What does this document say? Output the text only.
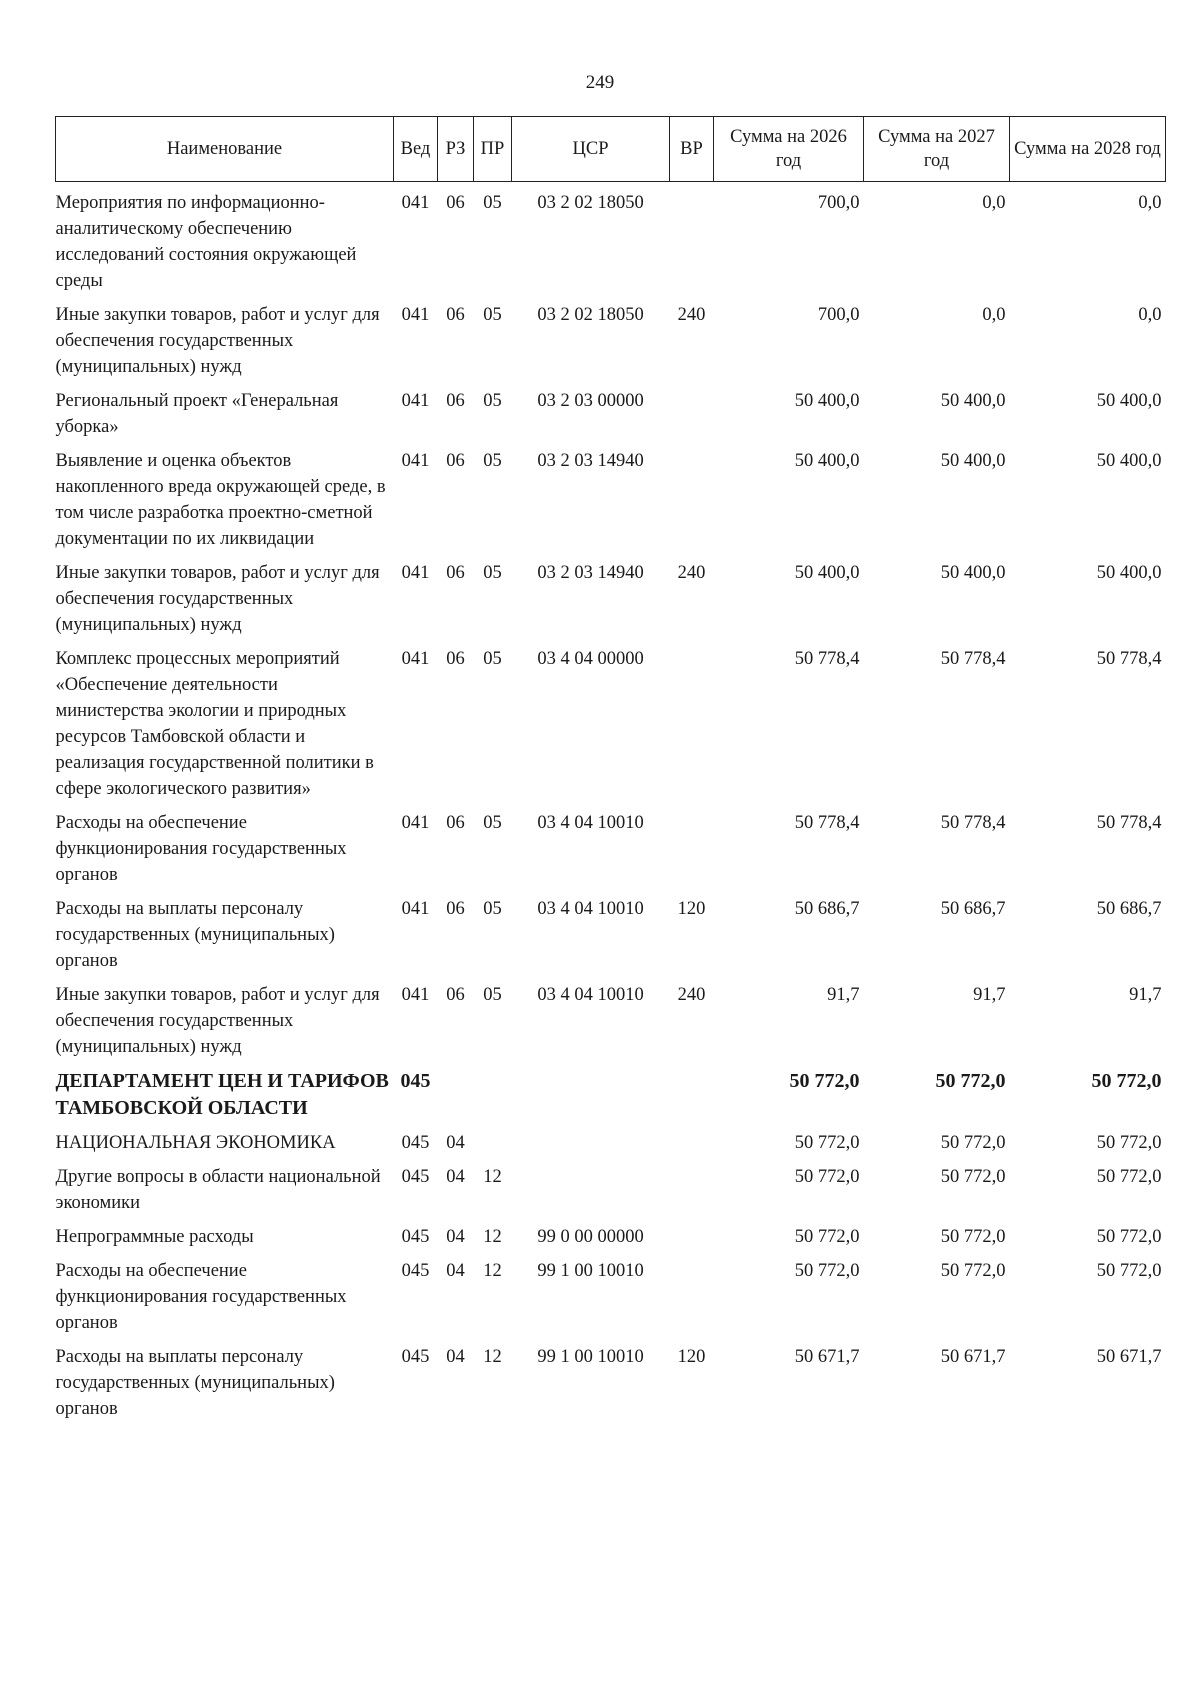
249
Наименование	Вед	РЗ	ПР	ЦСР	ВР	Сумма на 2026 год	Сумма на 2027 год	Сумма на 2028 год
Мероприятия по информационно-аналитическому обеспечению исследований состояния окружающей среды	041	06	05	03 2 02 18050		700,0	0,0	0,0
Иные закупки товаров, работ и услуг для обеспечения государственных (муниципальных) нужд	041	06	05	03 2 02 18050	240	700,0	0,0	0,0
Региональный проект «Генеральная уборка»	041	06	05	03 2 03 00000		50 400,0	50 400,0	50 400,0
Выявление и оценка объектов накопленного вреда окружающей среде, в том числе разработка проектно-сметной документации по их ликвидации	041	06	05	03 2 03 14940		50 400,0	50 400,0	50 400,0
Иные закупки товаров, работ и услуг для обеспечения государственных (муниципальных) нужд	041	06	05	03 2 03 14940	240	50 400,0	50 400,0	50 400,0
Комплекс процессных мероприятий «Обеспечение деятельности министерства экологии и природных ресурсов Тамбовской области и реализация государственной политики в сфере экологического развития»	041	06	05	03 4 04 00000		50 778,4	50 778,4	50 778,4
Расходы на обеспечение функционирования государственных органов	041	06	05	03 4 04 10010		50 778,4	50 778,4	50 778,4
Расходы на выплаты персоналу государственных (муниципальных) органов	041	06	05	03 4 04 10010	120	50 686,7	50 686,7	50 686,7
Иные закупки товаров, работ и услуг для обеспечения государственных (муниципальных) нужд	041	06	05	03 4 04 10010	240	91,7	91,7	91,7
ДЕПАРТАМЕНТ ЦЕН И ТАРИФОВ ТАМБОВСКОЙ ОБЛАСТИ	045					50 772,0	50 772,0	50 772,0
НАЦИОНАЛЬНАЯ ЭКОНОМИКА	045	04				50 772,0	50 772,0	50 772,0
Другие вопросы в области национальной экономики	045	04	12			50 772,0	50 772,0	50 772,0
Непрограммные расходы	045	04	12	99 0 00 00000		50 772,0	50 772,0	50 772,0
Расходы на обеспечение функционирования государственных органов	045	04	12	99 1 00 10010		50 772,0	50 772,0	50 772,0
Расходы на выплаты персоналу государственных (муниципальных) органов	045	04	12	99 1 00 10010	120	50 671,7	50 671,7	50 671,7
